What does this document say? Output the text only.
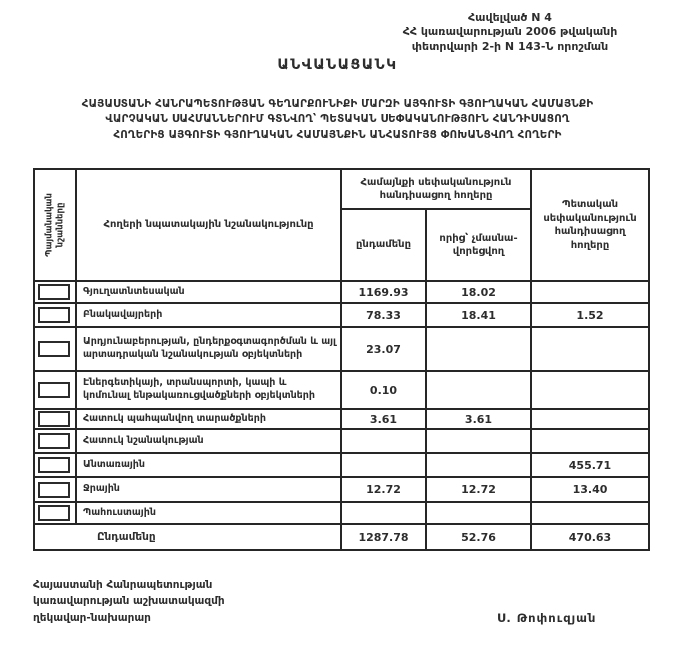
Հավելված N 4
ՀՀ կառավարության 2006 թվականի
փետրվարի 2-ի N 143-Ն որոշման
ԱՆՎԱՆԱՑԱՆԿ
ՀԱՅԱՍՏԱՆԻ ՀԱՆՐԱՊԵՏՈՒԹՅԱՆ ԳԵՂԱՐՔՈՒՆԻՔԻ ՄԱՐԶԻ ԱՅԳՈՒՏԻ ԳՅՈՒՂԱԿԱՆ ՀԱՄԱՅՆՔԻ
ՎԱՐՉԱԿԱՆ ՍԱՀՄԱՆՆԵՐՈՒՄ ԳՏՆՎՈՂ՝ ՊԵՏԱԿԱՆ ՍԵՓԱԿԱՆՈՒԹՅՈՒՆ ՀԱՆԴԻՍԱՑՈՂ
ՀՈՂԵՐԻՑ ԱՅԳՈՒՏԻ ԳՅՈՒՂԱԿԱՆ ՀԱՄԱՅՆՔԻՆ ԱՆՀԱՏՈՒՅՑ ՓՈԽԱՆՑՎՈՂ ՀՈՂԵՐԻ
Պայմանական նշանները	Հողերի նպատակային նշանակությունը	Համայնքի սեփականություն հանդիսացող հողերը		Պետական սեփականություն հանդիսացող հողերը
		ընդամենը	որից՝ չմասնա-վորեցվող	

	Գյուղատնտեսական	1169.93	18.02	

	Բնակավայրերի	78.33	18.41	1.52

	Արդյունաբերության, ընդերքօգտագործման և այլ արտադրական նշանակության օբյեկտների	23.07		

	Էներգետիկայի, տրանսպորտի, կապի և կոմունալ ենթակառուցվածքների օբյեկտների	0.10		

	Հատուկ պահպանվող տարածքների	3.61	3.61	

	Հատուկ նշանակության			

	Անտառային			455.71

	Ջրային	12.72	12.72	13.40

	Պահուստային			
Ընդամենը		1287.78	52.76	470.63
Հայաստանի Հանրապետության
կառավարության աշխատակազմի
ղեկավար-նախարար	Ս. Թոփուզյան
